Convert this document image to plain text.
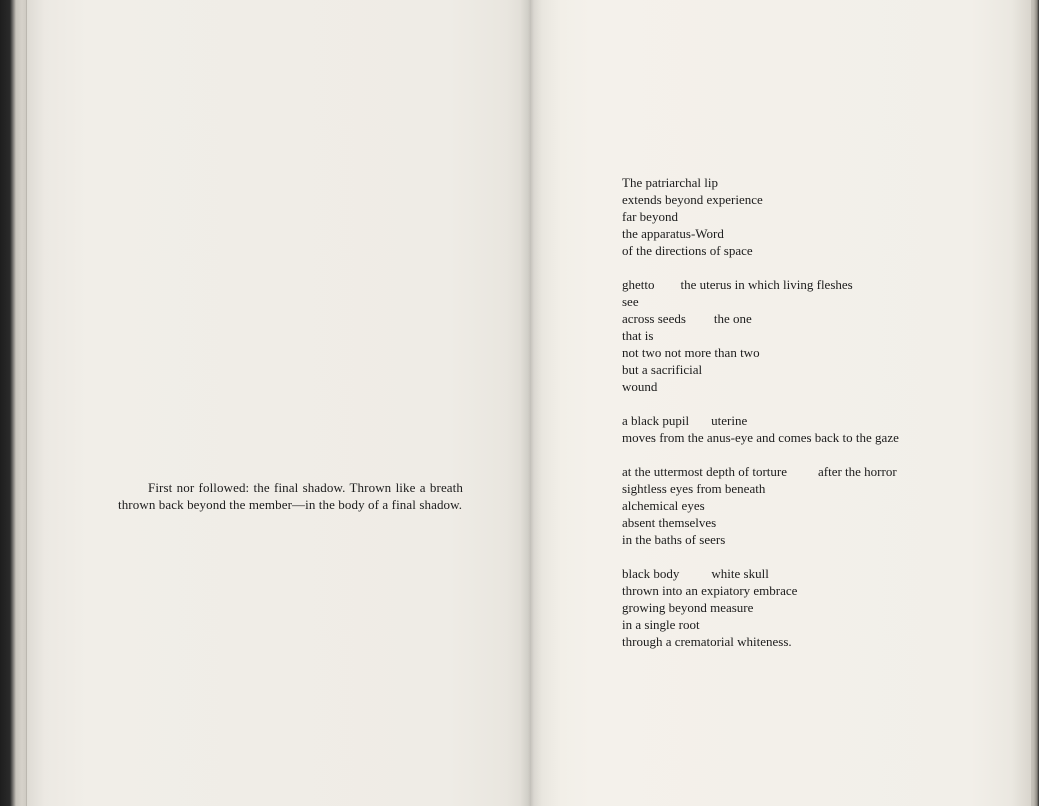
First nor followed: the final shadow. Thrown like a breath thrown back beyond the member—in the body of a final shadow.

The patriarchal lip
extends beyond experience
far beyond
the apparatus-Word
of the directions of space
ghetto the uterus in which living fleshes
see
across seeds the one
that is
not two not more than two
but a sacrificial
wound
a black pupil uterine
moves from the anus-eye and comes back to the gaze
at the uttermost depth of torture after the horror
sightless eyes from beneath
alchemical eyes
absent themselves
in the baths of seers
black body white skull
thrown into an expiatory embrace
growing beyond measure
in a single root
through a crematorial whiteness.
